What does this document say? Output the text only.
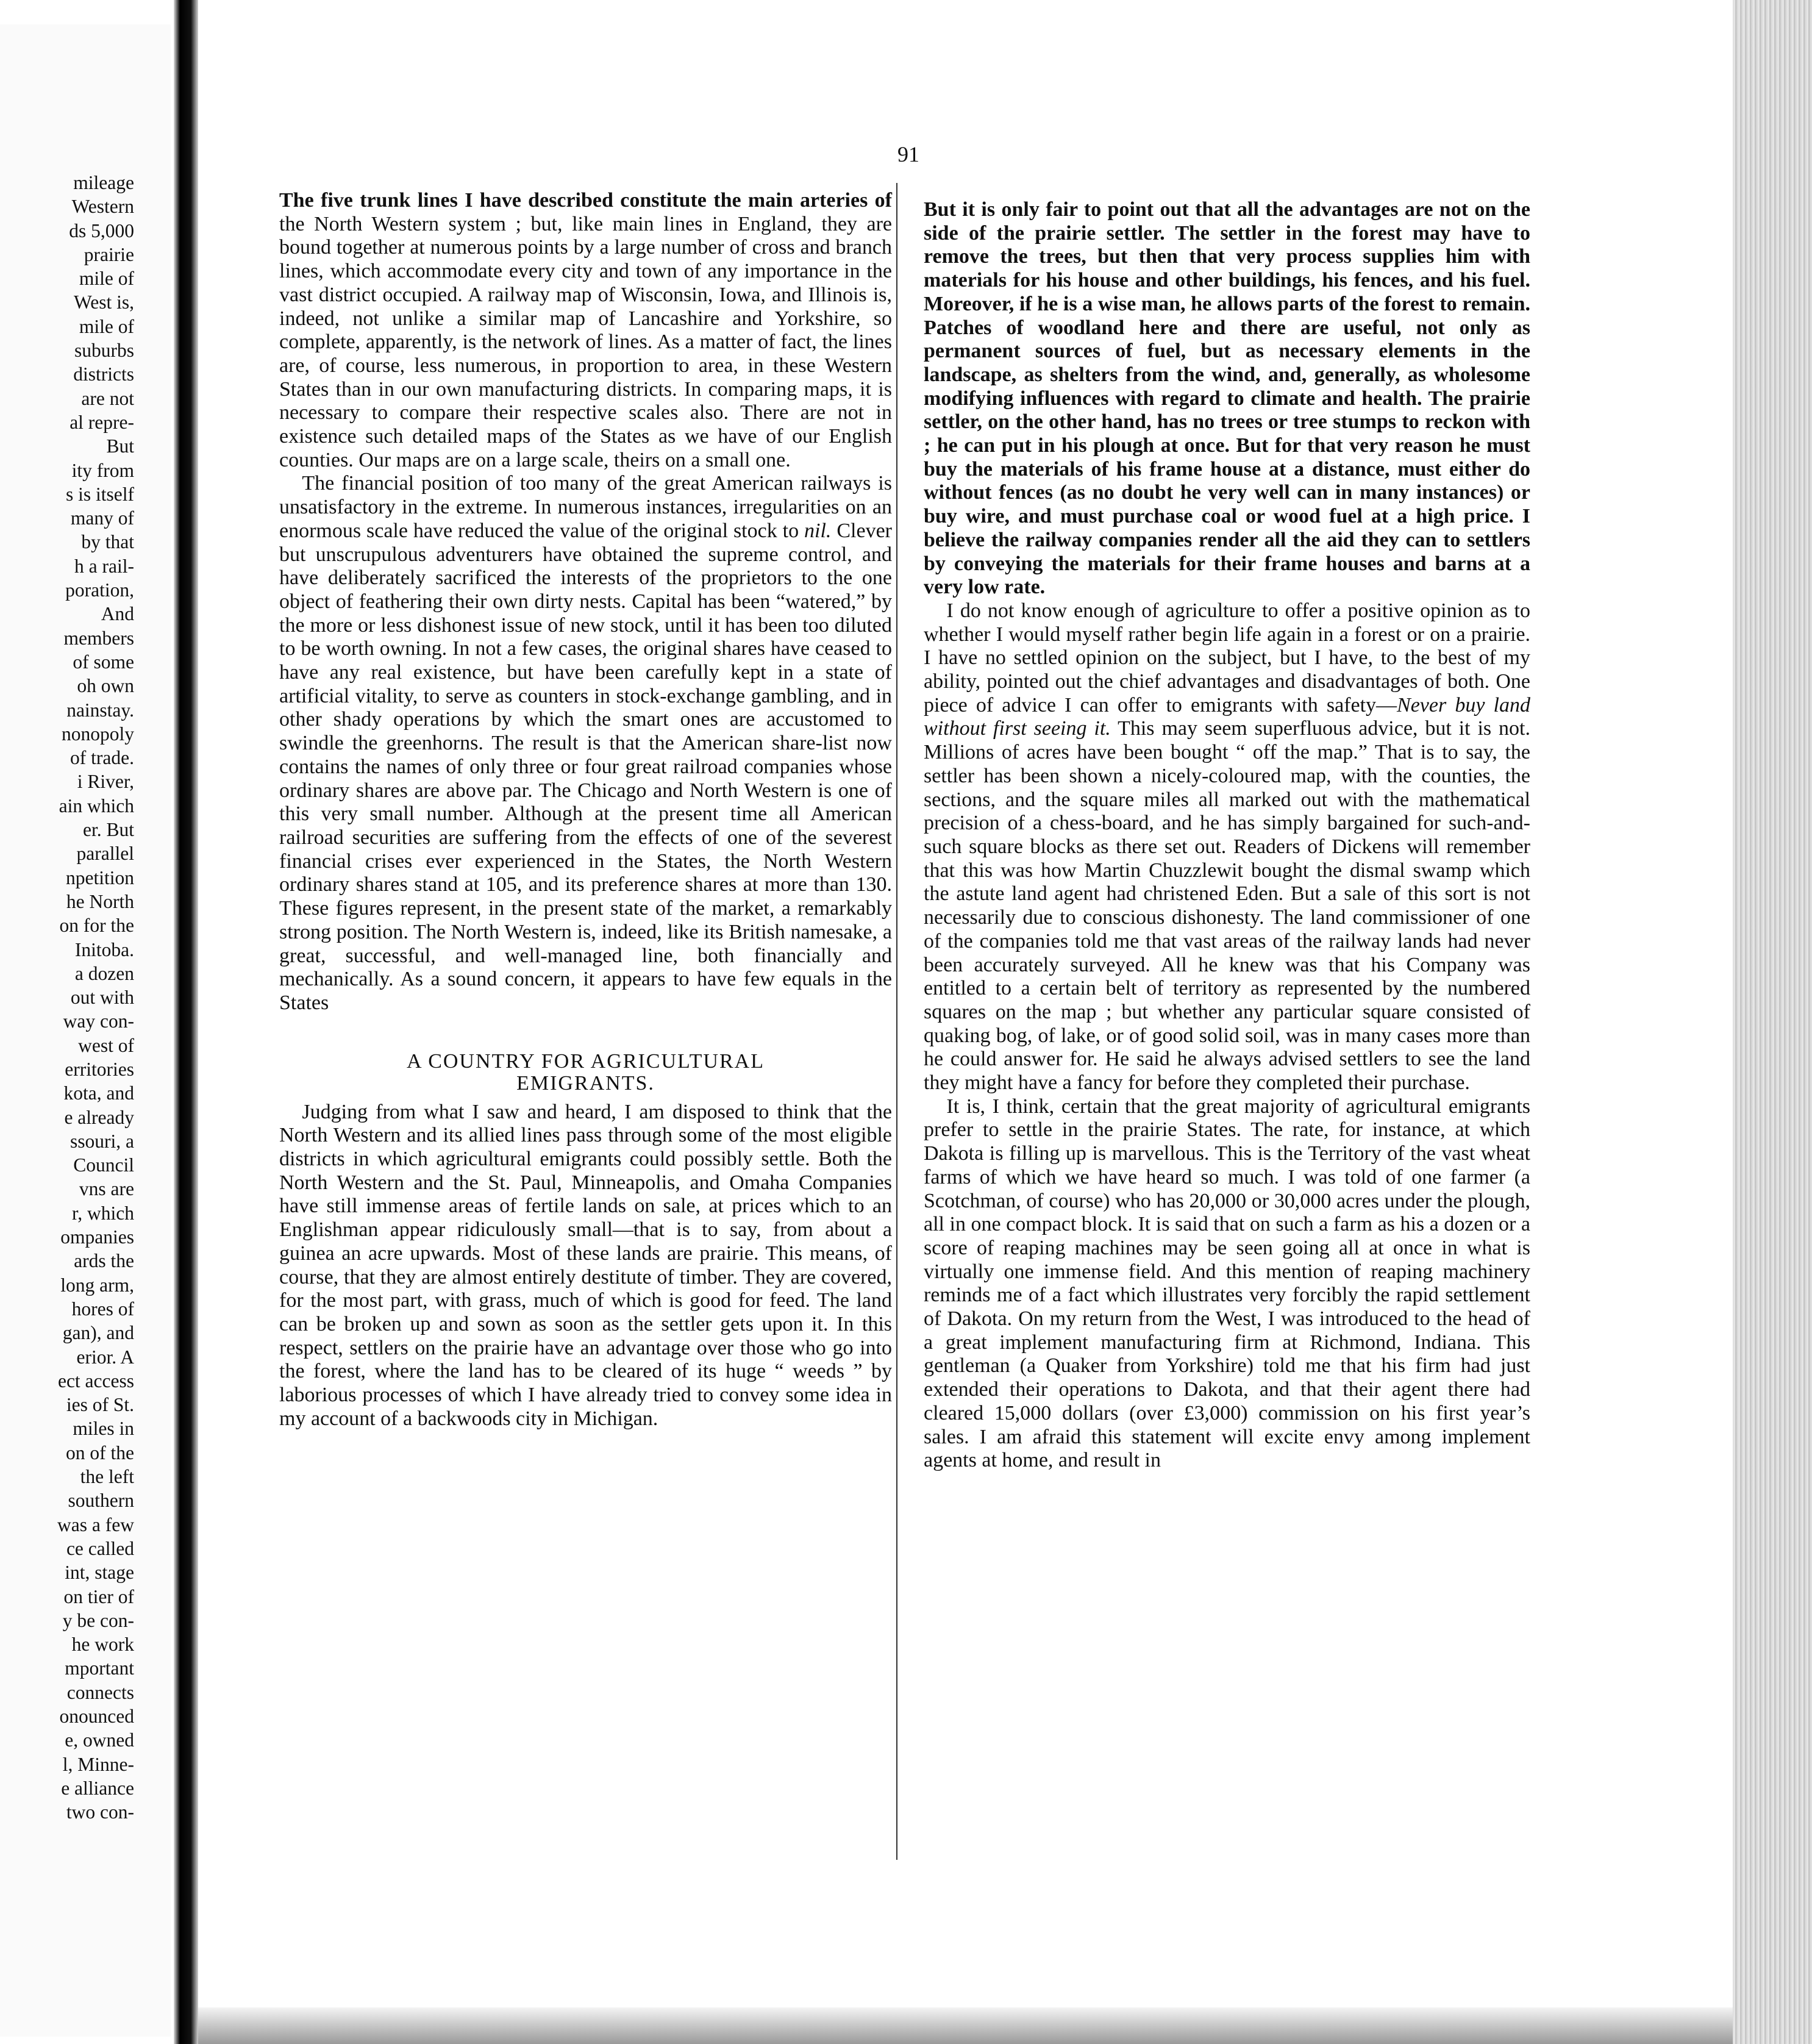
mileage
Western
ds 5,000
prairie
mile of
West is,
mile of
suburbs
districts
are not
al repre-
But
ity from
s is itself
many of
by that
h a rail-
poration,
And
members
of some
oh own
nainstay.
nonopoly
of trade.
i River,
ain which
er. But
parallel
npetition
he North
on for the
Initoba.
a dozen
out with
way con-
west of
erritories
kota, and
e already
ssouri, a
Council
vns are
r, which
ompanies
ards the
long arm,
hores of
gan), and
erior. A
ect access
ies of St.
miles in
on of the
the left
southern
was a few
ce called
int, stage
on tier of
y be con-
he work
mportant
connects
onounced
e, owned
l, Minne-
e alliance
two con-
91

The five trunk lines I have described constitute the main arteries of the North Western system ; but, like main lines in England, they are bound together at numerous points by a large number of cross and branch lines, which accommodate every city and town of any importance in the vast district occupied. A railway map of Wisconsin, Iowa, and Illinois is, indeed, not unlike a similar map of Lancashire and Yorkshire, so complete, apparently, is the network of lines. As a matter of fact, the lines are, of course, less numerous, in proportion to area, in these Western States than in our own manufacturing districts. In comparing maps, it is necessary to compare their respective scales also. There are not in existence such detailed maps of the States as we have of our English counties. Our maps are on a large scale, theirs on a small one.

The financial position of too many of the great American railways is unsatisfactory in the extreme. In numerous instances, irregularities on an enormous scale have reduced the value of the original stock to nil. Clever but unscrupulous adventurers have obtained the supreme control, and have deliberately sacrificed the interests of the proprietors to the one object of feathering their own dirty nests. Capital has been “watered,” by the more or less dishonest issue of new stock, until it has been too diluted to be worth owning. In not a few cases, the original shares have ceased to have any real existence, but have been carefully kept in a state of artificial vitality, to serve as counters in stock-exchange gambling, and in other shady operations by which the smart ones are accustomed to swindle the greenhorns. The result is that the American share-list now contains the names of only three or four great railroad companies whose ordinary shares are above par. The Chicago and North Western is one of this very small number. Although at the present time all American railroad securities are suffering from the effects of one of the severest financial crises ever experienced in the States, the North Western ordinary shares stand at 105, and its preference shares at more than 130. These figures represent, in the present state of the market, a remarkably strong position. The North Western is, indeed, like its British namesake, a great, successful, and well-managed line, both financially and mechanically. As a sound concern, it appears to have few equals in the States

A COUNTRY FOR AGRICULTURAL
EMIGRANTS.

Judging from what I saw and heard, I am disposed to think that the North Western and its allied lines pass through some of the most eligible districts in which agricultural emigrants could possibly settle. Both the North Western and the St. Paul, Minneapolis, and Omaha Companies have still immense areas of fertile lands on sale, at prices which to an Englishman appear ridiculously small—that is to say, from about a guinea an acre upwards. Most of these lands are prairie. This means, of course, that they are almost entirely destitute of timber. They are covered, for the most part, with grass, much of which is good for feed. The land can be broken up and sown as soon as the settler gets upon it. In this respect, settlers on the prairie have an advantage over those who go into the forest, where the land has to be cleared of its huge “ weeds ” by laborious processes of which I have already tried to convey some idea in my account of a backwoods city in Michigan.

But it is only fair to point out that all the advantages are not on the side of the prairie settler. The settler in the forest may have to remove the trees, but then that very process supplies him with materials for his house and other buildings, his fences, and his fuel. Moreover, if he is a wise man, he allows parts of the forest to remain. Patches of woodland here and there are useful, not only as permanent sources of fuel, but as necessary elements in the landscape, as shelters from the wind, and, generally, as wholesome modifying influences with regard to climate and health. The prairie settler, on the other hand, has no trees or tree stumps to reckon with ; he can put in his plough at once. But for that very reason he must buy the materials of his frame house at a distance, must either do without fences (as no doubt he very well can in many instances) or buy wire, and must purchase coal or wood fuel at a high price. I believe the railway companies render all the aid they can to settlers by conveying the materials for their frame houses and barns at a very low rate.

I do not know enough of agriculture to offer a positive opinion as to whether I would myself rather begin life again in a forest or on a prairie. I have no settled opinion on the subject, but I have, to the best of my ability, pointed out the chief advantages and disadvantages of both. One piece of advice I can offer to emigrants with safety—Never buy land without first seeing it. This may seem superfluous advice, but it is not. Millions of acres have been bought “ off the map.” That is to say, the settler has been shown a nicely-coloured map, with the counties, the sections, and the square miles all marked out with the mathematical precision of a chess-board, and he has simply bargained for such-and-such square blocks as there set out. Readers of Dickens will remember that this was how Martin Chuzzlewit bought the dismal swamp which the astute land agent had christened Eden. But a sale of this sort is not necessarily due to conscious dishonesty. The land commissioner of one of the companies told me that vast areas of the railway lands had never been accurately surveyed. All he knew was that his Company was entitled to a certain belt of territory as represented by the numbered squares on the map ; but whether any particular square consisted of quaking bog, of lake, or of good solid soil, was in many cases more than he could answer for. He said he always advised settlers to see the land they might have a fancy for before they completed their purchase.

It is, I think, certain that the great majority of agricultural emigrants prefer to settle in the prairie States. The rate, for instance, at which Dakota is filling up is marvellous. This is the Territory of the vast wheat farms of which we have heard so much. I was told of one farmer (a Scotchman, of course) who has 20,000 or 30,000 acres under the plough, all in one compact block. It is said that on such a farm as his a dozen or a score of reaping machines may be seen going all at once in what is virtually one immense field. And this mention of reaping machinery reminds me of a fact which illustrates very forcibly the rapid settlement of Dakota. On my return from the West, I was introduced to the head of a great implement manufacturing firm at Richmond, Indiana. This gentleman (a Quaker from Yorkshire) told me that his firm had just extended their operations to Dakota, and that their agent there had cleared 15,000 dollars (over £3,000) commission on his first year’s sales. I am afraid this statement will excite envy among implement agents at home, and result in
